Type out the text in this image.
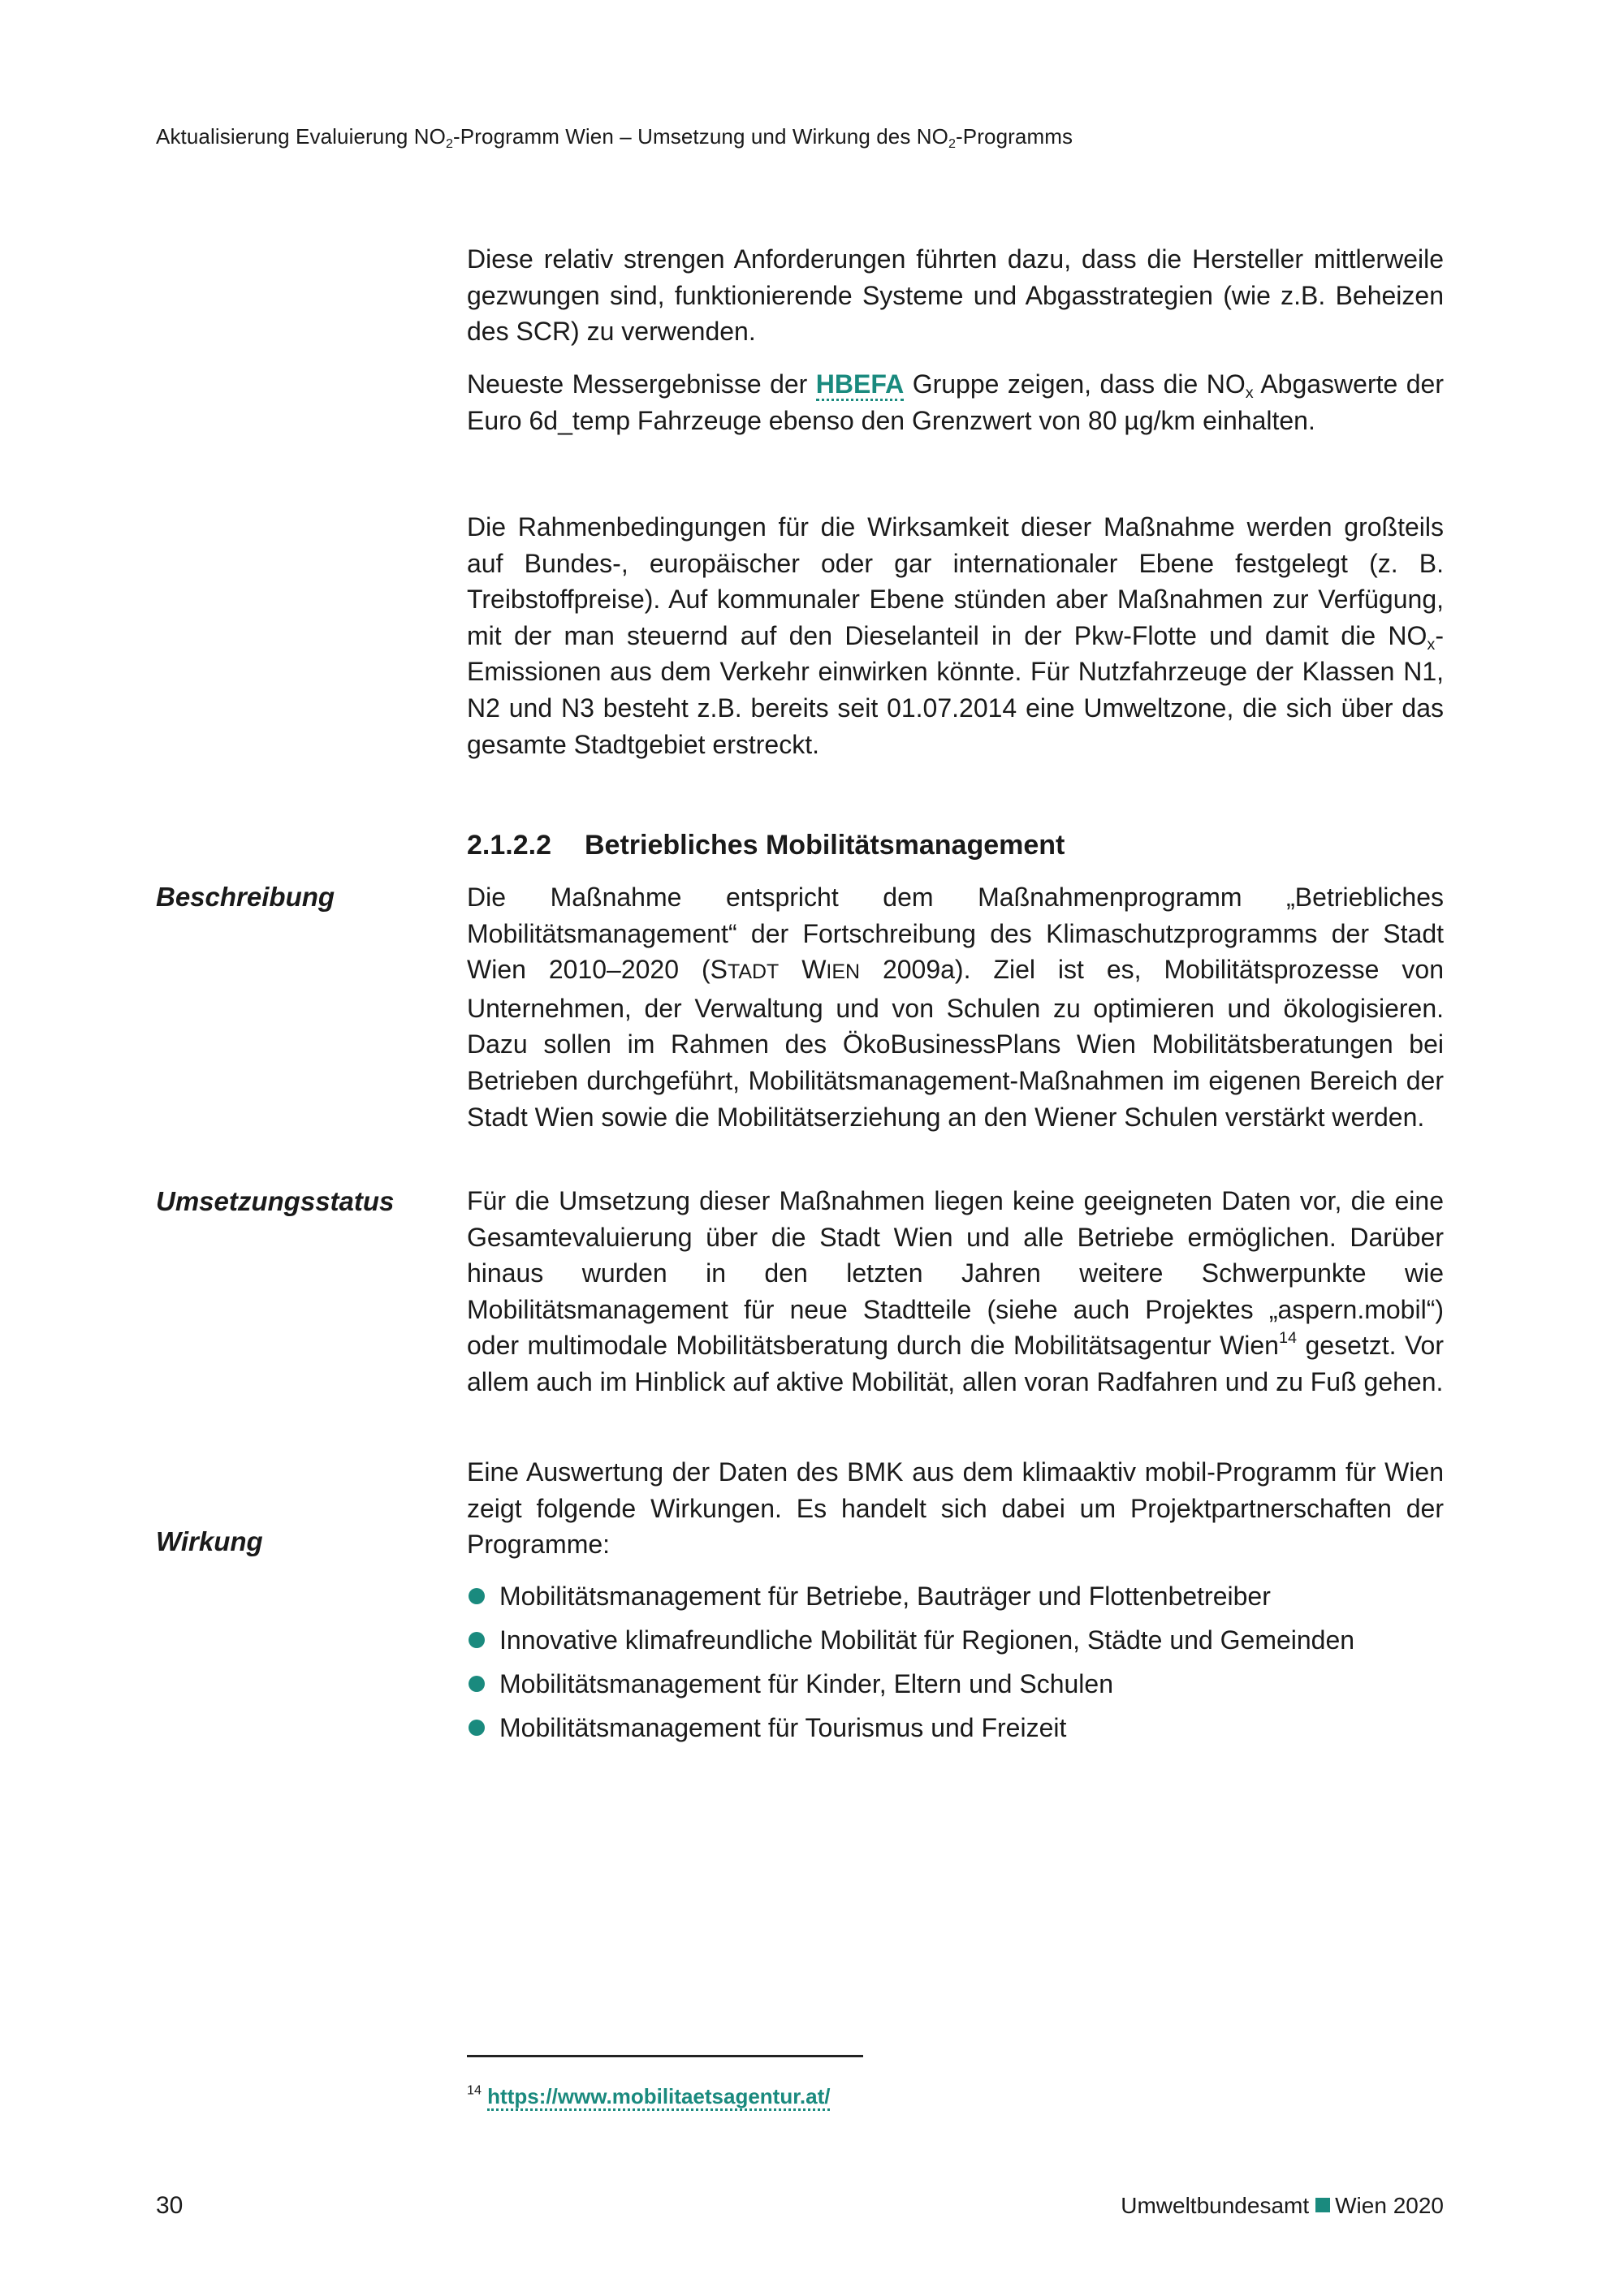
Aktualisierung Evaluierung $NO_2$-Programm Wien – Umsetzung und Wirkung des $NO_2$-Programms

Diese relativ strengen Anforderungen führten dazu, dass die Hersteller mittlerweile gezwungen sind, funktionierende Systeme und Abgasstrategien (wie z.B. Beheizen des SCR) zu verwenden.

Neueste Messergebnisse der HBEFA Gruppe zeigen, dass die $NO_x$ Abgaswerte der Euro 6d_temp Fahrzeuge ebenso den Grenzwert von 80 µg/km einhalten.

Die Rahmenbedingungen für die Wirksamkeit dieser Maßnahme werden großteils auf Bundes-, europäischer oder gar internationaler Ebene festgelegt (z. B. Treibstoffpreise). Auf kommunaler Ebene stünden aber Maßnahmen zur Verfügung, mit der man steuernd auf den Dieselanteil in der Pkw-Flotte und damit die $NO_x$-Emissionen aus dem Verkehr einwirken könnte. Für Nutzfahrzeuge der Klassen N1, N2 und N3 besteht z.B. bereits seit 01.07.2014 eine Umweltzone, die sich über das gesamte Stadtgebiet erstreckt.

2.1.2.2 Betriebliches Mobilitätsmanagement
Beschreibung	Die Maßnahme entspricht dem Maßnahmenprogramm „Betriebliches Mobilitätsmanagement“ der Fortschreibung des Klimaschutzprogramms der Stadt Wien 2010–2020 (STADT WIEN 2009a). Ziel ist es, Mobilitätsprozesse von Unternehmen, der Verwaltung und von Schulen zu optimieren und ökologisieren. Dazu sollen im Rahmen des ÖkoBusinessPlans Wien Mobilitätsberatungen bei Betrieben durchgeführt, Mobilitätsmanagement-Maßnahmen im eigenen Bereich der Stadt Wien sowie die Mobilitätserziehung an den Wiener Schulen verstärkt werden.

Umsetzungsstatus	Für die Umsetzung dieser Maßnahmen liegen keine geeigneten Daten vor, die eine Gesamtevaluierung über die Stadt Wien und alle Betriebe ermöglichen. Darüber hinaus wurden in den letzten Jahren weitere Schwerpunkte wie Mobilitätsmanagement für neue Stadtteile (siehe auch Projektes „aspern.mobil“) oder multimodale Mobilitätsberatung durch die Mobilitätsagentur Wien$^{14}$ gesetzt. Vor allem auch im Hinblick auf aktive Mobilität, allen voran Radfahren und zu Fuß gehen.

Wirkung

Eine Auswertung der Daten des BMK aus dem klimaaktiv mobil-Programm für Wien zeigt folgende Wirkungen. Es handelt sich dabei um Projektpartnerschaften der Programme:

Mobilitätsmanagement für Betriebe, Bauträger und Flottenbetreiber
Innovative klimafreundliche Mobilität für Regionen, Städte und Gemeinden
Mobilitätsmanagement für Kinder, Eltern und Schulen
Mobilitätsmanagement für Tourismus und Freizeit
$^{14}$ https://www.mobilitaetsagentur.at/
30	Umweltbundesamt Wien 2020
